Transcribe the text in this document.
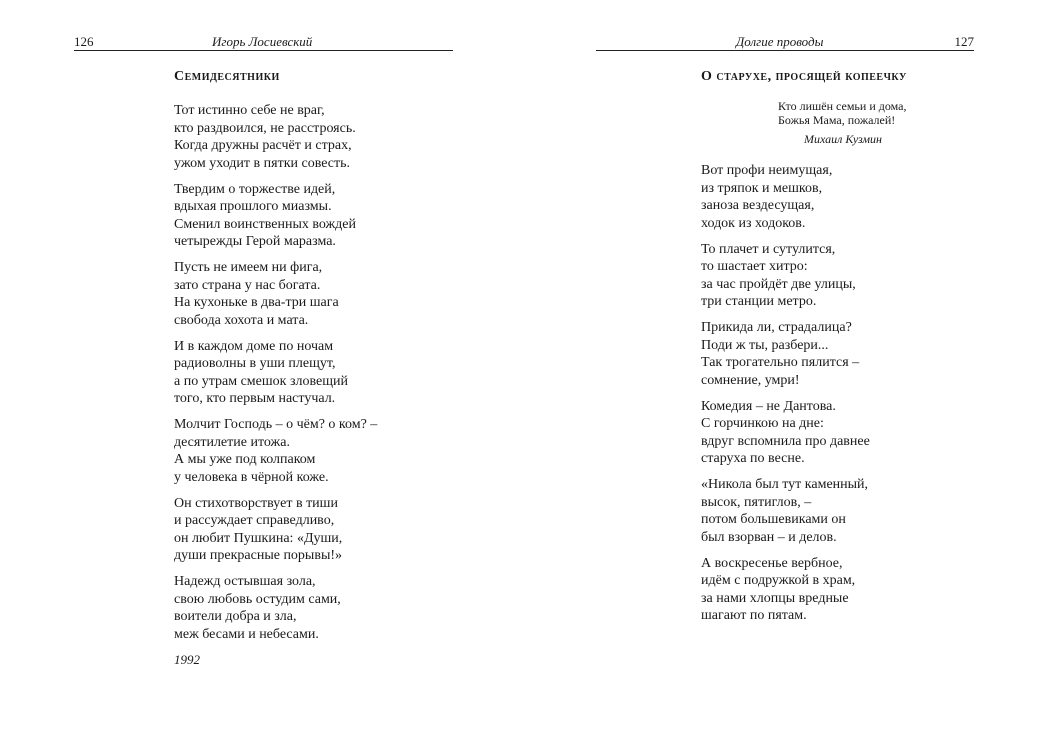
126	Игорь Лосиевский
Семидесятники
Тот истинно себе не враг,
кто раздвоился, не расстроясь.
Когда дружны расчёт и страх,
ужом уходит в пятки совесть.
Твердим о торжестве идей,
вдыхая прошлого миазмы.
Сменил воинственных вождей
четырежды Герой маразма.
Пусть не имеем ни фига,
зато страна у нас богата.
На кухоньке в два-три шага
свобода хохота и мата.
И в каждом доме по ночам
радиоволны в уши плещут,
а по утрам смешок зловещий
того, кто первым настучал.
Молчит Господь – о чём? о ком? –
десятилетие итожа.
А мы уже под колпаком
у человека в чёрной коже.
Он стихотворствует в тиши
и рассуждает справедливо,
он любит Пушкина: «Души,
души прекрасные порывы!»
Надежд остывшая зола,
свою любовь остудим сами,
воители добра и зла,
меж бесами и небесами.
1992
Долгие проводы	127
О старухе, просящей копеечку
Кто лишён семьи и дома,
Божья Мама, пожалей!
Михаил Кузмин
Вот профи неимущая,
из тряпок и мешков,
заноза вездесущая,
ходок из ходоков.
То плачет и сутулится,
то шастает хитро:
за час пройдёт две улицы,
три станции метро.
Прикида ли, страдалица?
Поди ж ты, разбери...
Так трогательно пялится –
сомнение, умри!
Комедия – не Дантова.
С горчинкою на дне:
вдруг вспомнила про давнее
старуха по весне.
«Никола был тут каменный,
высок, пятиглов, –
потом большевиками он
был взорван – и делов.
А воскресенье вербное,
идём с подружкой в храм,
за нами хлопцы вредные
шагают по пятам.
